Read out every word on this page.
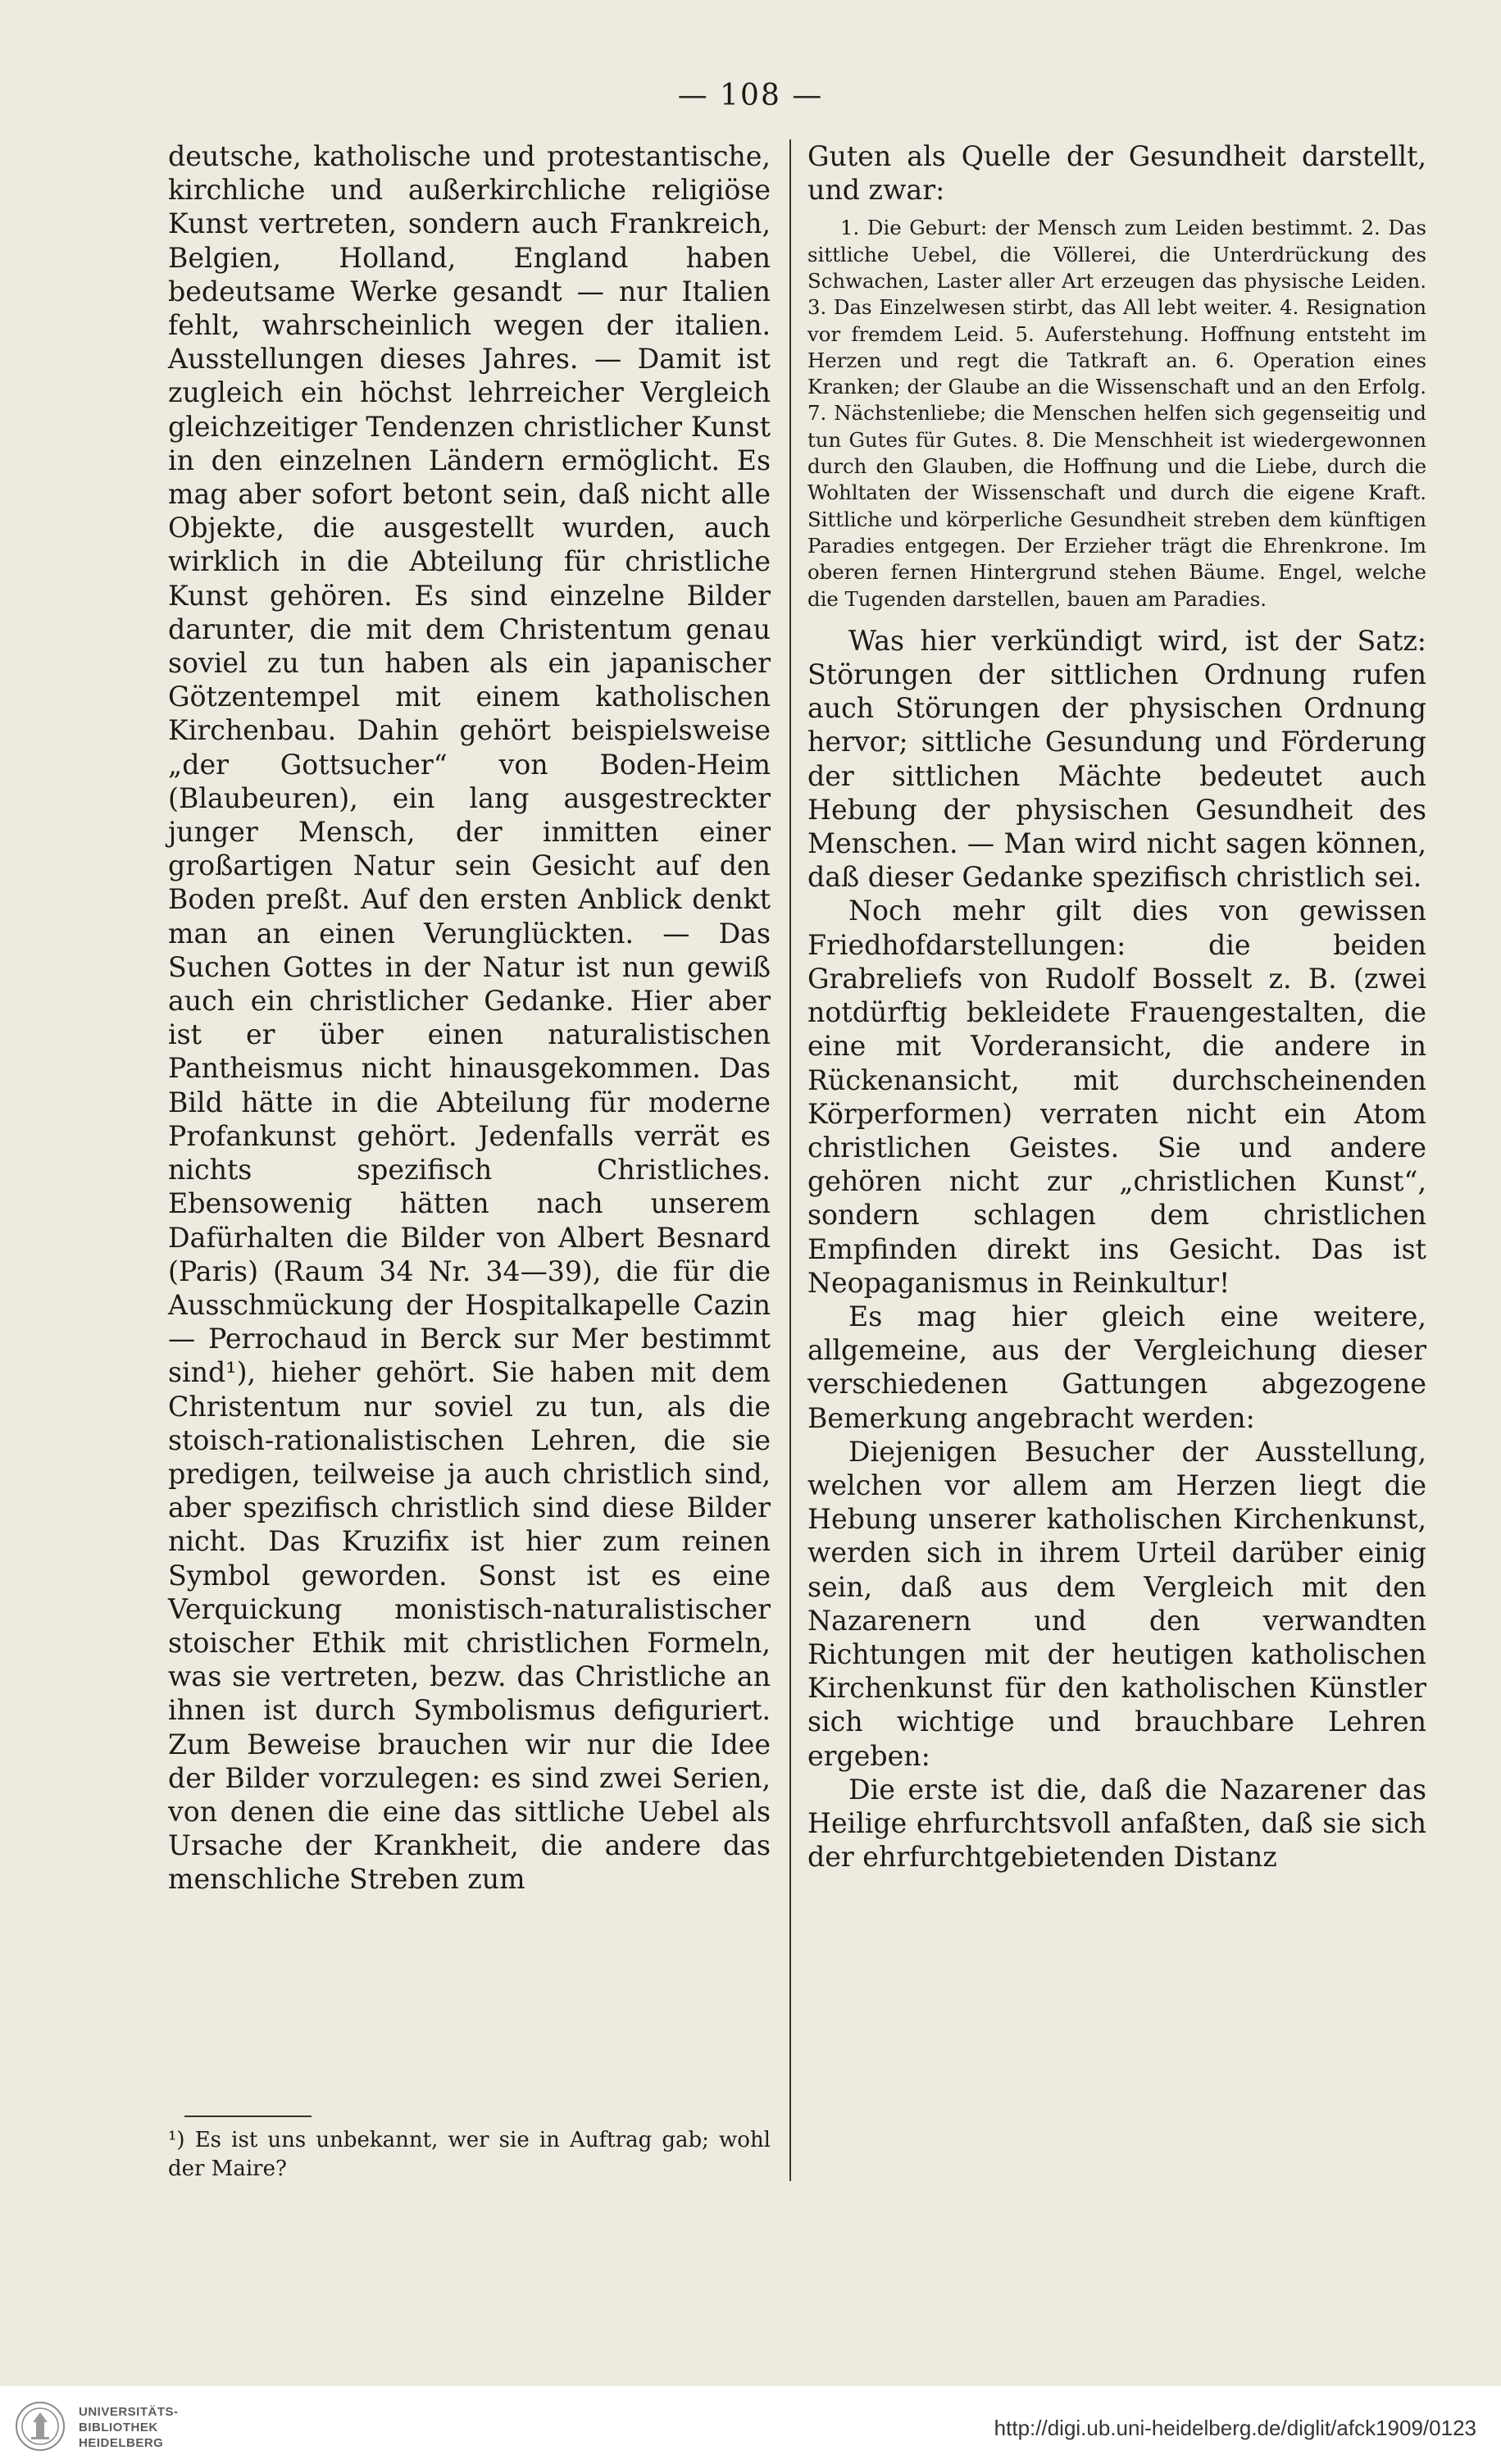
— 108 —

deutsche, katholische und protestantische, kirchliche und außerkirchliche religiöse Kunst vertreten, sondern auch Frankreich, Belgien, Holland, England haben bedeutsame Werke gesandt — nur Italien fehlt, wahrscheinlich wegen der italien. Ausstellungen dieses Jahres. — Damit ist zugleich ein höchst lehrreicher Vergleich gleichzeitiger Tendenzen christlicher Kunst in den einzelnen Ländern ermöglicht. Es mag aber sofort betont sein, daß nicht alle Objekte, die ausgestellt wurden, auch wirklich in die Abteilung für christliche Kunst gehören. Es sind einzelne Bilder darunter, die mit dem Christentum genau soviel zu tun haben als ein japanischer Götzentempel mit einem katholischen Kirchenbau. Dahin gehört beispielsweise „der Gottsucher“ von Boden-Heim (Blaubeuren), ein lang ausgestreckter junger Mensch, der inmitten einer großartigen Natur sein Gesicht auf den Boden preßt. Auf den ersten Anblick denkt man an einen Verunglückten. — Das Suchen Gottes in der Natur ist nun gewiß auch ein christlicher Gedanke. Hier aber ist er über einen naturalistischen Pantheismus nicht hinausgekommen. Das Bild hätte in die Abteilung für moderne Profankunst gehört. Jedenfalls verrät es nichts spezifisch Christliches. Ebensowenig hätten nach unserem Dafürhalten die Bilder von Albert Besnard (Paris) (Raum 34 Nr. 34—39), die für die Ausschmückung der Hospitalkapelle Cazin — Perrochaud in Berck sur Mer bestimmt sind¹), hieher gehört. Sie haben mit dem Christentum nur soviel zu tun, als die stoisch-rationalistischen Lehren, die sie predigen, teilweise ja auch christlich sind, aber spezifisch christlich sind diese Bilder nicht. Das Kruzifix ist hier zum reinen Symbol geworden. Sonst ist es eine Verquickung monistisch-naturalistischer stoischer Ethik mit christlichen Formeln, was sie vertreten, bezw. das Christliche an ihnen ist durch Symbolismus defiguriert. Zum Beweise brauchen wir nur die Idee der Bilder vorzulegen: es sind zwei Serien, von denen die eine das sittliche Uebel als Ursache der Krankheit, die andere das menschliche Streben zum

Guten als Quelle der Gesundheit darstellt, und zwar:

1. Die Geburt: der Mensch zum Leiden bestimmt. 2. Das sittliche Uebel, die Völlerei, die Unterdrückung des Schwachen, Laster aller Art erzeugen das physische Leiden. 3. Das Einzelwesen stirbt, das All lebt weiter. 4. Resignation vor fremdem Leid. 5. Auferstehung. Hoffnung entsteht im Herzen und regt die Tatkraft an. 6. Operation eines Kranken; der Glaube an die Wissenschaft und an den Erfolg. 7. Nächstenliebe; die Menschen helfen sich gegenseitig und tun Gutes für Gutes. 8. Die Menschheit ist wiedergewonnen durch den Glauben, die Hoffnung und die Liebe, durch die Wohltaten der Wissenschaft und durch die eigene Kraft. Sittliche und körperliche Gesundheit streben dem künftigen Paradies entgegen. Der Erzieher trägt die Ehrenkrone. Im oberen fernen Hintergrund stehen Bäume. Engel, welche die Tugenden darstellen, bauen am Paradies.

Was hier verkündigt wird, ist der Satz: Störungen der sittlichen Ordnung rufen auch Störungen der physischen Ordnung hervor; sittliche Gesundung und Förderung der sittlichen Mächte bedeutet auch Hebung der physischen Gesundheit des Menschen. — Man wird nicht sagen können, daß dieser Gedanke spezifisch christlich sei.

Noch mehr gilt dies von gewissen Friedhofdarstellungen: die beiden Grabreliefs von Rudolf Bosselt z. B. (zwei notdürftig bekleidete Frauengestalten, die eine mit Vorderansicht, die andere in Rückenansicht, mit durchscheinenden Körperformen) verraten nicht ein Atom christlichen Geistes. Sie und andere gehören nicht zur „christlichen Kunst“, sondern schlagen dem christlichen Empfinden direkt ins Gesicht. Das ist Neopaganismus in Reinkultur!

Es mag hier gleich eine weitere, allgemeine, aus der Vergleichung dieser verschiedenen Gattungen abgezogene Bemerkung angebracht werden:

Diejenigen Besucher der Ausstellung, welchen vor allem am Herzen liegt die Hebung unserer katholischen Kirchenkunst, werden sich in ihrem Urteil darüber einig sein, daß aus dem Vergleich mit den Nazarenern und den verwandten Richtungen mit der heutigen katholischen Kirchenkunst für den katholischen Künstler sich wichtige und brauchbare Lehren ergeben:

Die erste ist die, daß die Nazarener das Heilige ehrfurchtsvoll anfaßten, daß sie sich der ehrfurchtgebietenden Distanz

¹) Es ist uns unbekannt, wer sie in Auftrag gab; wohl der Maire?
UNIVERSITÄTS-
BIBLIOTHEK
HEIDELBERG
http://digi.ub.uni-heidelberg.de/diglit/afck1909/0123
